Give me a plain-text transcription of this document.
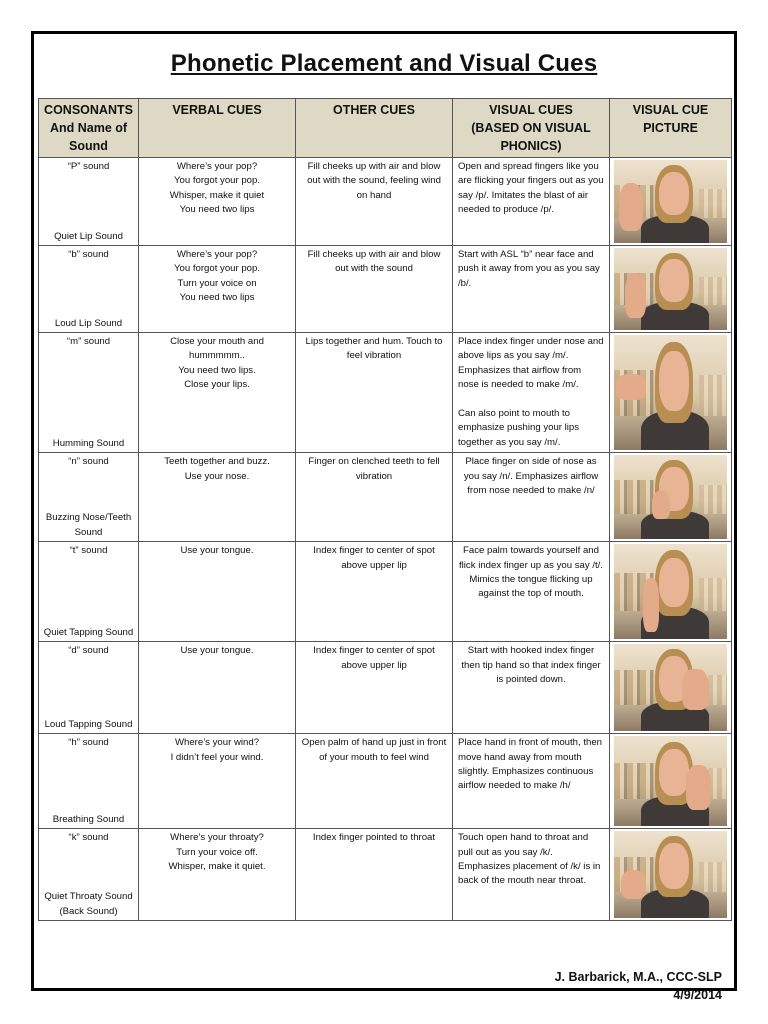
Phonetic Placement and Visual Cues
CONSONANTS
And Name of
Sound	VERBAL CUES	OTHER CUES	VISUAL CUES
(BASED ON VISUAL
PHONICS)	VISUAL CUE
PICTURE

“P” sound
Quiet Lip Sound	Where’s your pop?
You forgot your pop.
Whisper, make it quiet
You need two lips	Fill cheeks up with air and blow out with the sound, feeling wind on hand	Open and spread fingers like you are flicking your fingers out as you say /p/. Imitates the blast of air needed to produce /p/.	

“b” sound
Loud Lip Sound	Where’s your pop?
You forgot your pop.
Turn your voice on
You need two lips	Fill cheeks up with air and blow out with the sound	Start with ASL “b” near face and push it away from you as you say /b/.	

“m” sound
Humming Sound	Close your mouth and hummmmm..
You need two lips.
Close your lips.	Lips together and hum. Touch to feel vibration	Place index finger under nose and above lips as you say /m/. Emphasizes that airflow from nose is needed to make /m/.

Can also point to mouth to emphasize pushing your lips together as you say /m/.	

“n” sound
Buzzing Nose/Teeth Sound	Teeth together and buzz.
Use your nose.	Finger on clenched teeth to fell vibration	Place finger on side of nose as you say /n/. Emphasizes airflow from nose needed to make /n/	

“t” sound
Quiet Tapping Sound	Use your tongue.	Index finger to center of spot above upper lip	Face palm towards yourself and flick index finger up as you say /t/. Mimics the tongue flicking up against the top of mouth.	

“d” sound
Loud Tapping Sound	Use your tongue.	Index finger to center of spot above upper lip	Start with hooked index finger then tip hand so that index finger is pointed down.	

“h” sound
Breathing Sound	Where’s your wind?
I didn’t feel your wind.	Open palm of hand up just in front of your mouth to feel wind	Place hand in front of mouth, then move hand away from mouth slightly. Emphasizes continuous airflow needed to make /h/	

“k” sound
Quiet Throaty Sound (Back Sound)	Where’s your throaty?
Turn your voice off.
Whisper, make it quiet.	Index finger pointed to throat	Touch open hand to throat and pull out as you say /k/. Emphasizes placement of /k/ is in back of the mouth near throat.	
J. Barbarick, M.A., CCC-SLP
4/9/2014
